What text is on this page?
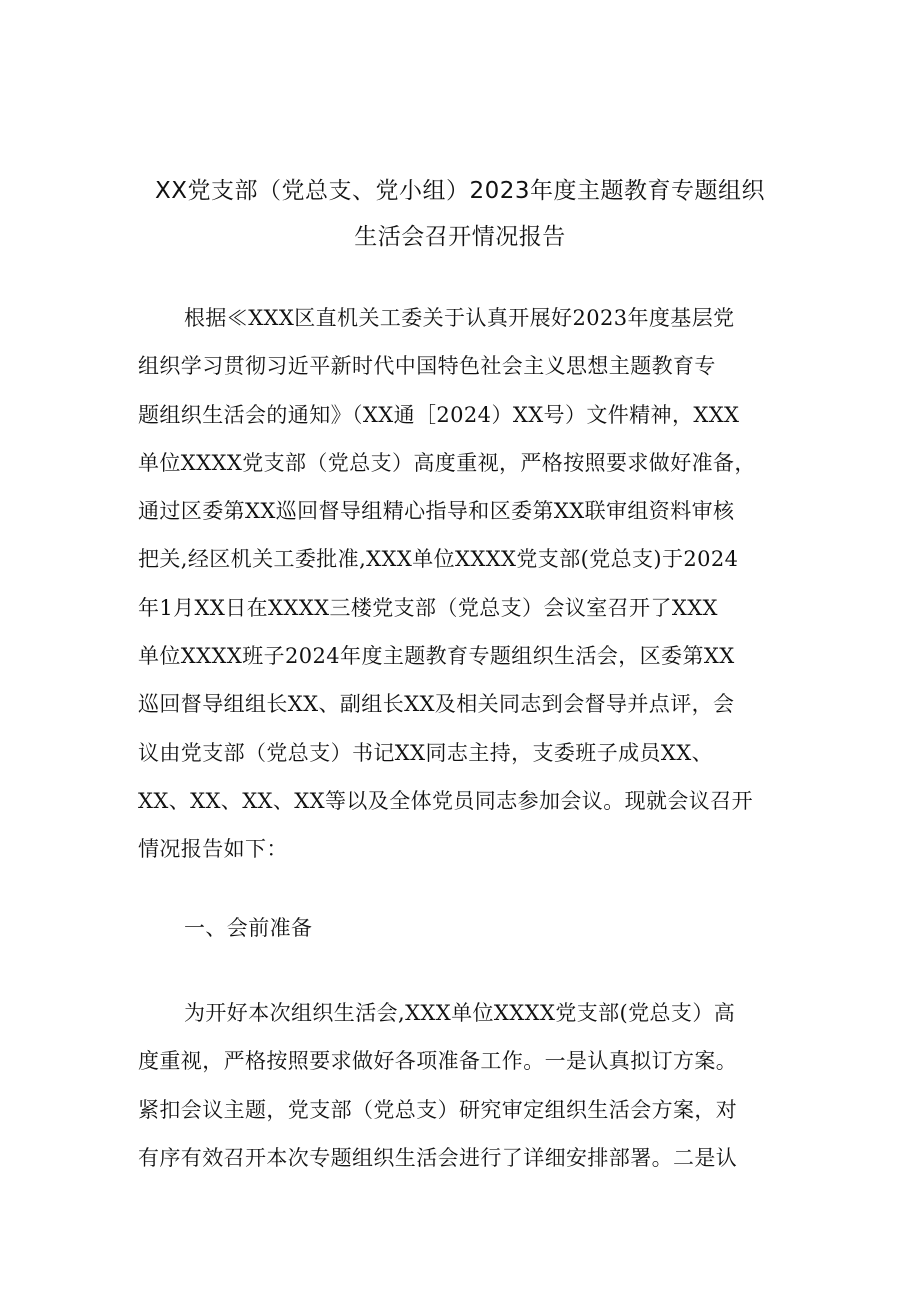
XX党支部（党总支、党小组）2023年度主题教育专题组织
生活会召开情况报告
根据≪XXX区直机关工委关于认真开展好2023年度基层党
组织学习贯彻习近平新时代中国特色社会主义思想主题教育专
题组织生活会的通知》（XX通［2024）XX号）文件精神，XXX
单位XXXX党支部（党总支）高度重视，严格按照要求做好准备，
通过区委第XX巡回督导组精心指导和区委第XX联审组资料审核
把关,经区机关工委批准,XXX单位XXXX党支部(党总支)于2024
年1月XX日在XXXX三楼党支部（党总支）会议室召开了XXX
单位XXXX班子2024年度主题教育专题组织生活会，区委第XX
巡回督导组组长XX、副组长XX及相关同志到会督导并点评，会
议由党支部（党总支）书记XX同志主持，支委班子成员XX、
XX、XX、XX、XX等以及全体党员同志参加会议。现就会议召开
情况报告如下：
一、会前准备
为开好本次组织生活会,XXX单位XXXX党支部(党总支）高
度重视，严格按照要求做好各项准备工作。一是认真拟订方案。
紧扣会议主题，党支部（党总支）研究审定组织生活会方案，对
有序有效召开本次专题组织生活会进行了详细安排部署。二是认
